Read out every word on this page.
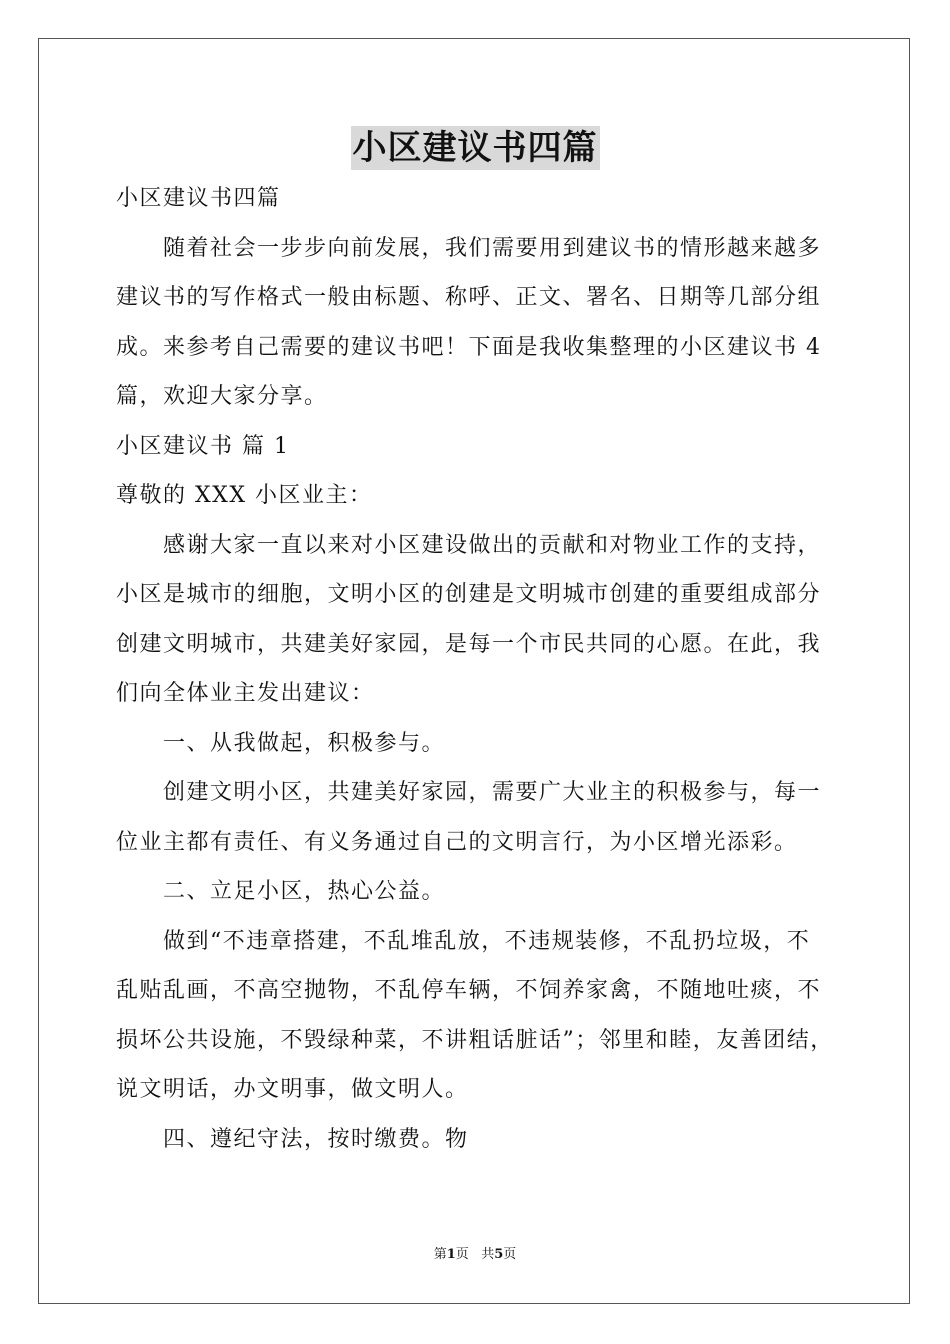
小区建议书四篇
小区建议书四篇
　　随着社会一步步向前发展，我们需要用到建议书的情形越来越多
建议书的写作格式一般由标题、称呼、正文、署名、日期等几部分组
成。来参考自己需要的建议书吧！下面是我收集整理的小区建议书 4
篇，欢迎大家分享。
小区建议书 篇 1
尊敬的 XXX 小区业主：
　　感谢大家一直以来对小区建设做出的贡献和对物业工作的支持，
小区是城市的细胞，文明小区的创建是文明城市创建的重要组成部分
创建文明城市，共建美好家园，是每一个市民共同的心愿。在此，我
们向全体业主发出建议：
　　一、从我做起，积极参与。
　　创建文明小区，共建美好家园，需要广大业主的积极参与，每一
位业主都有责任、有义务通过自己的文明言行，为小区增光添彩。
　　二、立足小区，热心公益。
　　做到“不违章搭建，不乱堆乱放，不违规装修，不乱扔垃圾，不
乱贴乱画，不高空抛物，不乱停车辆，不饲养家禽，不随地吐痰，不
损坏公共设施，不毁绿种菜，不讲粗话脏话”；邻里和睦，友善团结，
说文明话，办文明事，做文明人。
　　四、遵纪守法，按时缴费。物
第1页 共5页
